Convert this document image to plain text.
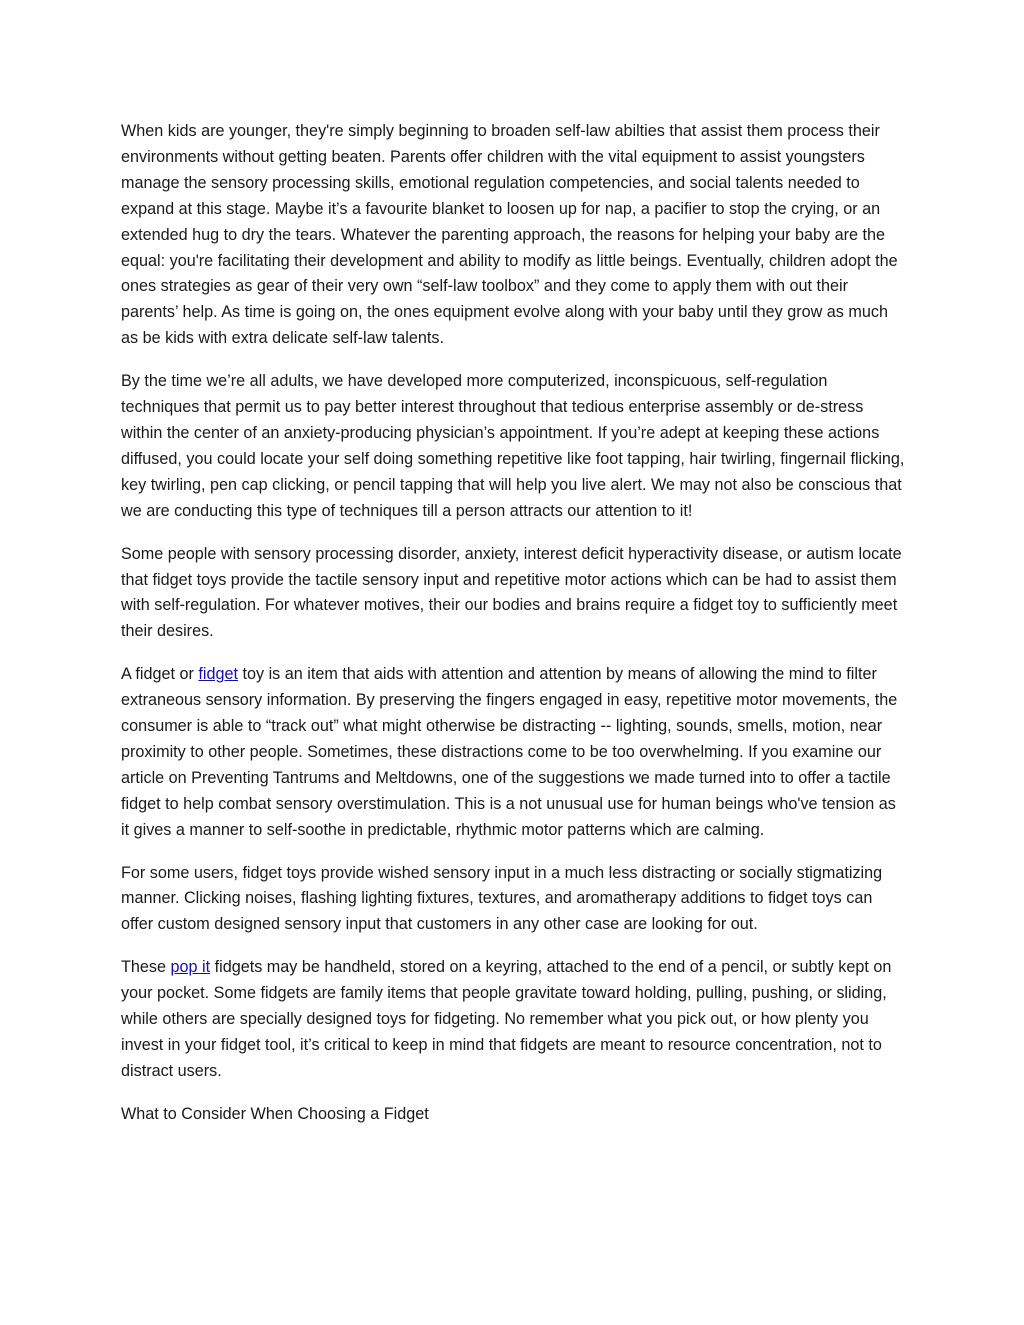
When kids are younger, they're simply beginning to broaden self-law abilties that assist them process their environments without getting beaten. Parents offer children with the vital equipment to assist youngsters manage the sensory processing skills, emotional regulation competencies, and social talents needed to expand at this stage. Maybe it’s a favourite blanket to loosen up for nap, a pacifier to stop the crying, or an extended hug to dry the tears. Whatever the parenting approach, the reasons for helping your baby are the equal: you're facilitating their development and ability to modify as little beings. Eventually, children adopt the ones strategies as gear of their very own “self-law toolbox” and they come to apply them with out their parents’ help. As time is going on, the ones equipment evolve along with your baby until they grow as much as be kids with extra delicate self-law talents.

By the time we’re all adults, we have developed more computerized, inconspicuous, self-regulation techniques that permit us to pay better interest throughout that tedious enterprise assembly or de-stress within the center of an anxiety-producing physician’s appointment. If you’re adept at keeping these actions diffused, you could locate your self doing something repetitive like foot tapping, hair twirling, fingernail flicking, key twirling, pen cap clicking, or pencil tapping that will help you live alert. We may not also be conscious that we are conducting this type of techniques till a person attracts our attention to it!

Some people with sensory processing disorder, anxiety, interest deficit hyperactivity disease, or autism locate that fidget toys provide the tactile sensory input and repetitive motor actions which can be had to assist them with self-regulation. For whatever motives, their our bodies and brains require a fidget toy to sufficiently meet their desires.

A fidget or fidget toy is an item that aids with attention and attention by means of allowing the mind to filter extraneous sensory information. By preserving the fingers engaged in easy, repetitive motor movements, the consumer is able to “track out” what might otherwise be distracting -- lighting, sounds, smells, motion, near proximity to other people. Sometimes, these distractions come to be too overwhelming. If you examine our article on Preventing Tantrums and Meltdowns, one of the suggestions we made turned into to offer a tactile fidget to help combat sensory overstimulation. This is a not unusual use for human beings who've tension as it gives a manner to self-soothe in predictable, rhythmic motor patterns which are calming.

For some users, fidget toys provide wished sensory input in a much less distracting or socially stigmatizing manner. Clicking noises, flashing lighting fixtures, textures, and aromatherapy additions to fidget toys can offer custom designed sensory input that customers in any other case are looking for out.

These pop it fidgets may be handheld, stored on a keyring, attached to the end of a pencil, or subtly kept on your pocket. Some fidgets are family items that people gravitate toward holding, pulling, pushing, or sliding, while others are specially designed toys for fidgeting. No remember what you pick out, or how plenty you invest in your fidget tool, it’s critical to keep in mind that fidgets are meant to resource concentration, not to distract users.

What to Consider When Choosing a Fidget
